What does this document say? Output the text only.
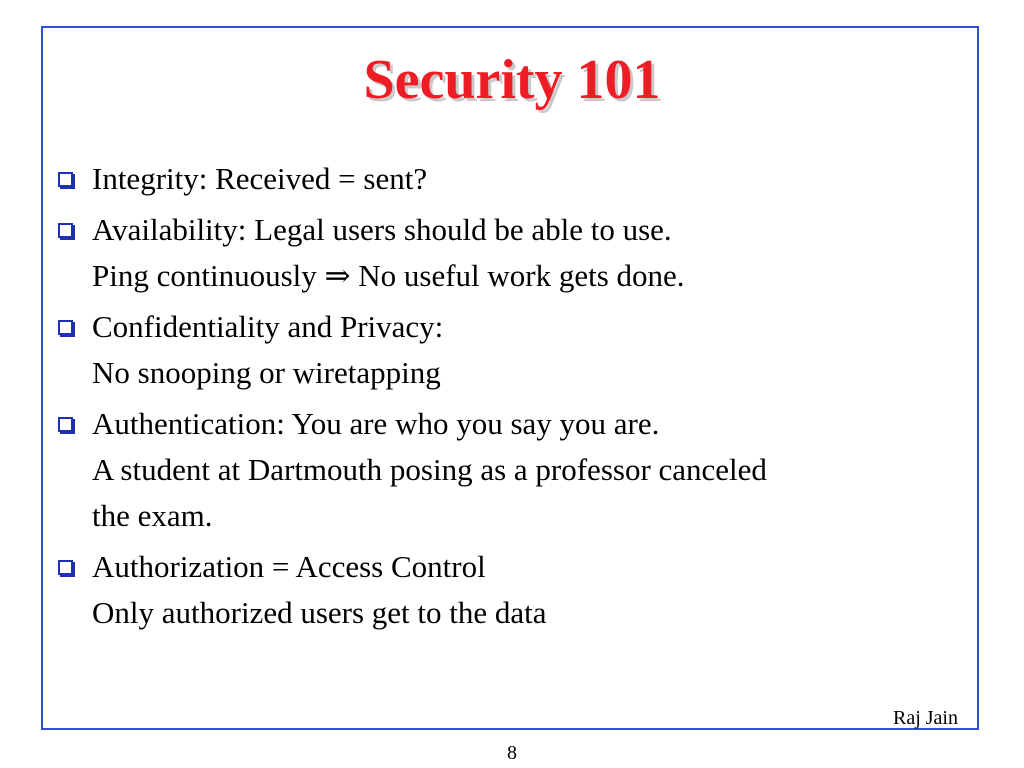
Security 101
Integrity: Received = sent?
Availability: Legal users should be able to use.
Ping continuously ⇒ No useful work gets done.
Confidentiality and Privacy:
No snooping or wiretapping
Authentication: You are who you say you are.
A student at Dartmouth posing as a professor canceled
the exam.
Authorization = Access Control
Only authorized users get to the data
Raj Jain
8
